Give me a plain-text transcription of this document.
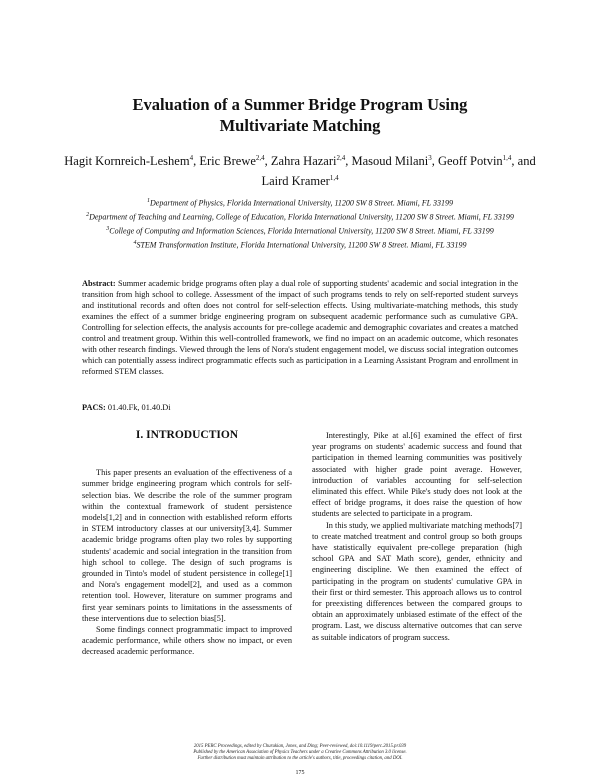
Evaluation of a Summer Bridge Program Using
Multivariate Matching
Hagit Kornreich-Leshem$^4$, Eric Brewe$^{2,4}$, Zahra Hazari$^{2,4}$, Masoud Milani$^3$, Geoff Potvin$^{1,4}$, and Laird Kramer$^{1,4}$

$^1$Department of Physics, Florida International University, 11200 SW 8 Street. Miami, FL 33199

$^2$Department of Teaching and Learning, College of Education, Florida International University, 11200 SW 8 Street. Miami, FL 33199

$^3$College of Computing and Information Sciences, Florida International University, 11200 SW 8 Street. Miami, FL 33199

$^4$STEM Transformation Institute, Florida International University, 11200 SW 8 Street. Miami, FL 33199

Abstract: Summer academic bridge programs often play a dual role of supporting students' academic and social integration in the transition from high school to college. Assessment of the impact of such programs tends to rely on self-reported student surveys and institutional records and often does not control for self-selection effects. Using multivariate-matching methods, this study examines the effect of a summer bridge engineering program on subsequent academic performance such as cumulative GPA. Controlling for selection effects, the analysis accounts for pre-college academic and demographic covariates and creates a matched control and treatment group. Within this well-controlled framework, we find no impact on an academic outcome, which resonates with other research findings. Viewed through the lens of Nora's student engagement model, we discuss social integration outcomes which can potentially assess indirect programmatic effects such as participation in a Learning Assistant Program and enrollment in reformed STEM classes.

PACS: 01.40.Fk, 01.40.Di

I. INTRODUCTION

This paper presents an evaluation of the effectiveness of a summer bridge engineering program which controls for self-selection bias. We describe the role of the summer program within the contextual framework of student persistence models[1,2] and in connection with established reform efforts in STEM introductory classes at our university[3,4]. Summer academic bridge programs often play two roles by supporting students' academic and social integration in the transition from high school to college. The design of such programs is grounded in Tinto's model of student persistence in college[1] and Nora's engagement model[2], and used as a common retention tool. However, literature on summer programs and first year seminars points to limitations in the assessments of these interventions due to selection bias[5].

Some findings connect programmatic impact to improved academic performance, while others show no impact, or even decreased academic performance.

Interestingly, Pike at al.[6] examined the effect of first year programs on students' academic success and found that participation in themed learning communities was positively associated with higher grade point average. However, introduction of variables accounting for self-selection eliminated this effect. While Pike's study does not look at the effect of bridge programs, it does raise the question of how students are selected to participate in a program.

In this study, we applied multivariate matching methods[7] to create matched treatment and control group so both groups have statistically equivalent pre-college preparation (high school GPA and SAT Math score), gender, ethnicity and engineering discipline. We then examined the effect of participating in the program on students' cumulative GPA in their first or third semester. This approach allows us to control for preexisting differences between the compared groups to obtain an approximately unbiased estimate of the effect of the program. Last, we discuss alternative outcomes that can serve as suitable indicators of program success.

2015 PERC Proceedings, edited by Churukian, Jones, and Ding; Peer-reviewed, doi:10.1119/perc.2015.pr.039

Published by the American Association of Physics Teachers under a Creative Commons Attribution 3.0 license.

Further distribution must maintain attribution to the article's authors, title, proceedings citation, and DOI.

175
